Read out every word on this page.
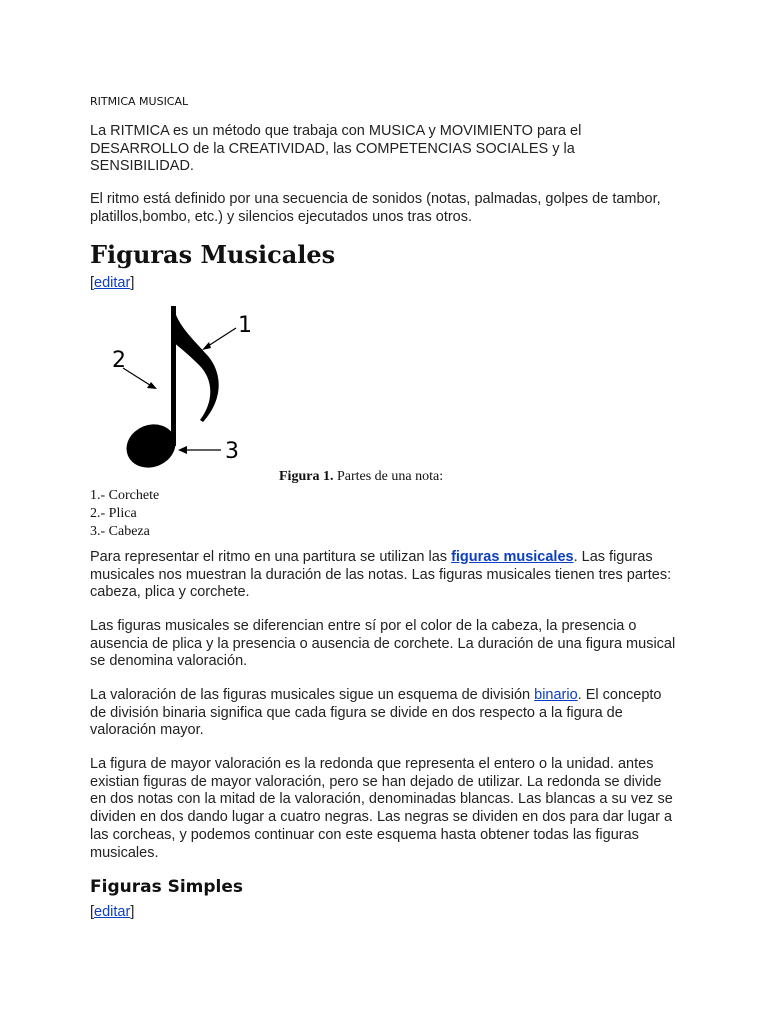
RITMICA MUSICAL

La RITMICA es un método que trabaja con MUSICA y MOVIMIENTO para el DESARROLLO de la CREATIVIDAD, las COMPETENCIAS SOCIALES y la SENSIBILIDAD.

El ritmo está definido por una secuencia de sonidos (notas, palmadas, golpes de tambor, platillos,bombo, etc.) y silencios ejecutados unos tras otros.

Figuras Musicales
[editar]
1
2
3
Figura 1. Partes de una nota:
1.- Corchete
2.- Plica
3.- Cabeza

Para representar el ritmo en una partitura se utilizan las figuras musicales. Las figuras musicales nos muestran la duración de las notas. Las figuras musicales tienen tres partes: cabeza, plica y corchete.

Las figuras musicales se diferencian entre sí por el color de la cabeza, la presencia o ausencia de plica y la presencia o ausencia de corchete. La duración de una figura musical se denomina valoración.

La valoración de las figuras musicales sigue un esquema de división binario. El concepto de división binaria significa que cada figura se divide en dos respecto a la figura de valoración mayor.

La figura de mayor valoración es la redonda que representa el entero o la unidad. antes existian figuras de mayor valoración, pero se han dejado de utilizar. La redonda se divide en dos notas con la mitad de la valoración, denominadas blancas. Las blancas a su vez se dividen en dos dando lugar a cuatro negras. Las negras se dividen en dos para dar lugar a las corcheas, y podemos continuar con este esquema hasta obtener todas las figuras musicales.

Figuras Simples
[editar]
